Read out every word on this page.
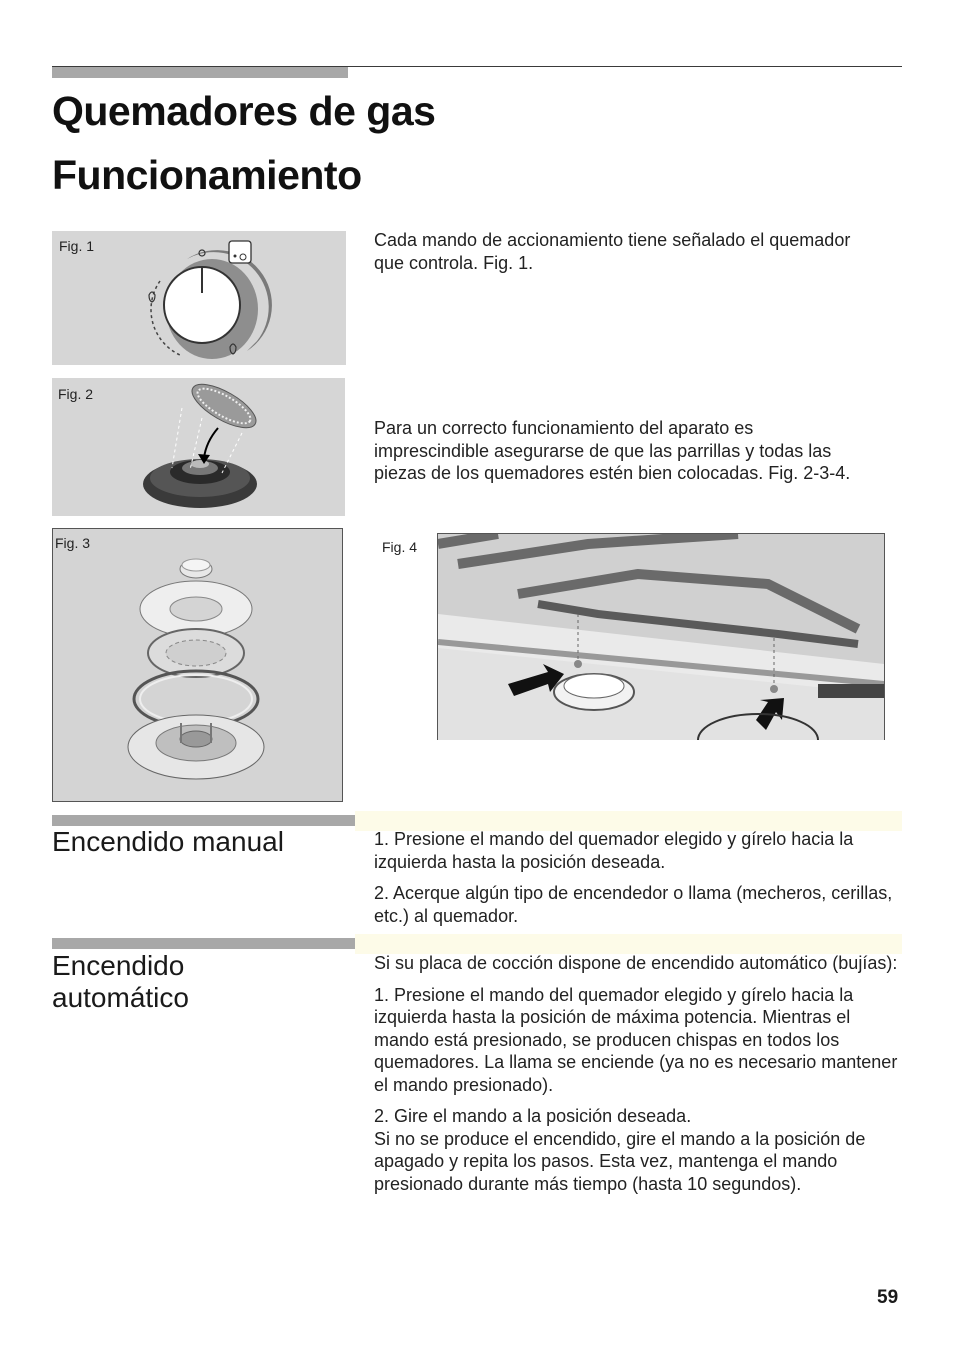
Quemadores de gas
Funcionamiento
Fig. 1
Fig. 2
Fig. 3	Fig. 4

Cada mando de accionamiento tiene señalado el quemador que controla. Fig. 1.

Para un correcto funcionamiento del aparato es imprescindible asegurarse de que las parrillas y todas las piezas de los quemadores estén bien colocadas. Fig. 2-3-4.

Encendido manual	1. Presione el mando del quemador elegido y gírelo hacia la izquierda hasta la posición deseada.

2. Acerque algún tipo de encendedor o llama (mecheros, cerillas, etc.) al quemador.

Encendido
automático

Si su placa de cocción dispone de encendido automático (bujías):

1. Presione el mando del quemador elegido y gírelo hacia la izquierda hasta la posición de máxima potencia. Mientras el mando está presionado, se producen chispas en todos los quemadores. La llama se enciende (ya no es necesario mantener el mando presionado).

2. Gire el mando a la posición deseada.

Si no se produce el encendido, gire el mando a la posición de apagado y repita los pasos. Esta vez, mantenga el mando presionado durante más tiempo (hasta 10 segundos).

59
